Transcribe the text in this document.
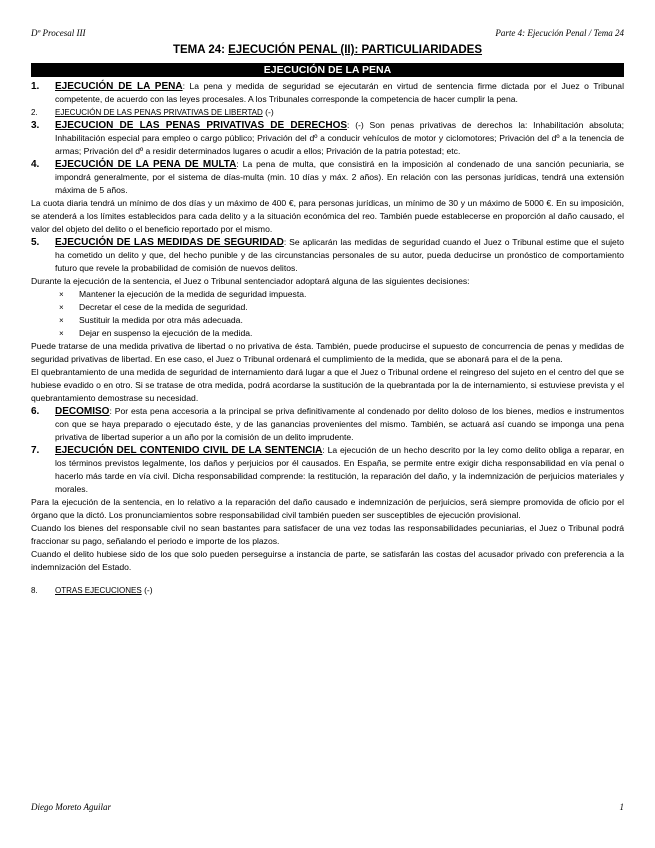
Dº Procesal III	Parte 4: Ejecución Penal / Tema 24
TEMA 24: EJECUCIÓN PENAL (II): PARTICULIARIDADES
EJECUCIÓN DE LA PENA

1. EJECUCIÓN DE LA PENA: La pena y medida de seguridad se ejecutarán en virtud de sentencia firme dictada por el Juez o Tribunal competente, de acuerdo con las leyes procesales. A los Tribunales corresponde la competencia de hacer cumplir la pena.

2. EJECUCIÓN DE LAS PENAS PRIVATIVAS DE LIBERTAD (-)

3. EJECUCION DE LAS PENAS PRIVATIVAS DE DERECHOS: (-) Son penas privativas de derechos la: Inhabilitación absoluta; Inhabilitación especial para empleo o cargo público; Privación del dº a conducir vehículos de motor y ciclomotores; Privación del dº a la tenencia de armas; Privación del dº a residir determinados lugares o acudir a ellos; Privación de la patria potestad; etc.

4. EJECUCIÓN DE LA PENA DE MULTA: La pena de multa, que consistirá en la imposición al condenado de una sanción pecuniaria, se impondrá generalmente, por el sistema de días-multa (min. 10 días y máx. 2 años). En relación con las personas jurídicas, tendrá una extensión máxima de 5 años.

La cuota diaria tendrá un mínimo de dos días y un máximo de 400 €, para personas jurídicas, un mínimo de 30 y un máximo de 5000 €. En su imposición, se atenderá a los límites establecidos para cada delito y a la situación económica del reo. También puede establecerse en proporción al daño causado, el valor del objeto del delito o el beneficio reportado por el mismo.

5. EJECUCIÓN DE LAS MEDIDAS DE SEGURIDAD: Se aplicarán las medidas de seguridad cuando el Juez o Tribunal estime que el sujeto ha cometido un delito y que, del hecho punible y de las circunstancias personales de su autor, pueda deducirse un pronóstico de comportamiento futuro que revele la probabilidad de comisión de nuevos delitos.

Durante la ejecución de la sentencia, el Juez o Tribunal sentenciador adoptará alguna de las siguientes decisiones:

× Mantener la ejecución de la medida de seguridad impuesta.

× Decretar el cese de la medida de seguridad.

× Sustituir la medida por otra más adecuada.

× Dejar en suspenso la ejecución de la medida.

Puede tratarse de una medida privativa de libertad o no privativa de ésta. También, puede producirse el supuesto de concurrencia de penas y medidas de seguridad privativas de libertad. En ese caso, el Juez o Tribunal ordenará el cumplimiento de la medida, que se abonará para el de la pena.

El quebrantamiento de una medida de seguridad de internamiento dará lugar a que el Juez o Tribunal ordene el reingreso del sujeto en el centro del que se hubiese evadido o en otro. Si se tratase de otra medida, podrá acordarse la sustitución de la quebrantada por la de internamiento, si estuviese prevista y el quebrantamiento demostrase su necesidad.

6. DECOMISO: Por esta pena accesoria a la principal se priva definitivamente al condenado por delito doloso de los bienes, medios e instrumentos con que se haya preparado o ejecutado éste, y de las ganancias provenientes del mismo. También, se actuará así cuando se imponga una pena privativa de libertad superior a un año por la comisión de un delito imprudente.

7. EJECUCIÓN DEL CONTENIDO CIVIL DE LA SENTENCIA: La ejecución de un hecho descrito por la ley como delito obliga a reparar, en los términos previstos legalmente, los daños y perjuicios por él causados. En España, se permite entre exigir dicha responsabilidad en vía penal o hacerlo más tarde en vía civil. Dicha responsabilidad comprende: la restitución, la reparación del daño, y la indemnización de perjuicios materiales y morales.

Para la ejecución de la sentencia, en lo relativo a la reparación del daño causado e indemnización de perjuicios, será siempre promovida de oficio por el órgano que la dictó. Los pronunciamientos sobre responsabilidad civil también pueden ser susceptibles de ejecución provisional.

Cuando los bienes del responsable civil no sean bastantes para satisfacer de una vez todas las responsabilidades pecuniarias, el Juez o Tribunal podrá fraccionar su pago, señalando el periodo e importe de los plazos.

Cuando el delito hubiese sido de los que solo pueden perseguirse a instancia de parte, se satisfarán las costas del acusador privado con preferencia a la indemnización del Estado.

8. OTRAS EJECUCIONES (-)

Diego Moreto Aguilar	1
